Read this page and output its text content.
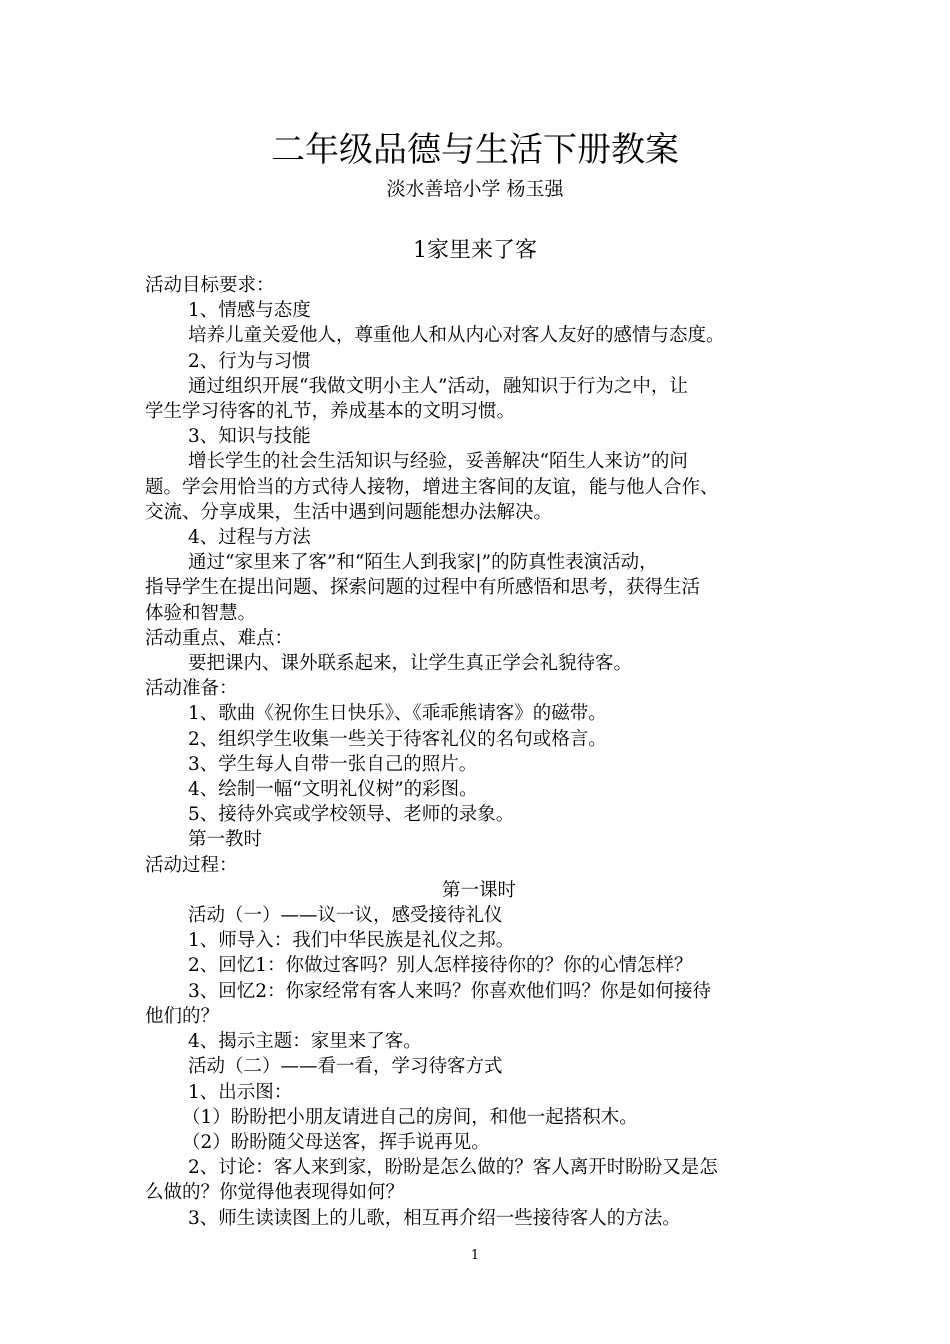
二年级品德与生活下册教案
淡水善培小学 杨玉强
1家里来了客

活动目标要求：

1、情感与态度

培养儿童关爱他人，尊重他人和从内心对客人友好的感情与态度。

2、行为与习惯

通过组织开展“我做文明小主人”活动，融知识于行为之中，让

学生学习待客的礼节，养成基本的文明习惯。

3、知识与技能

增长学生的社会生活知识与经验，妥善解决“陌生人来访”的问

题。学会用恰当的方式待人接物，增进主客间的友谊，能与他人合作、

交流、分享成果，生活中遇到问题能想办法解决。

4、过程与方法

通过“家里来了客”和“陌生人到我家|”的防真性表演活动，

指导学生在提出问题、探索问题的过程中有所感悟和思考，获得生活

体验和智慧。

活动重点、难点：

要把课内、课外联系起来，让学生真正学会礼貌待客。

活动准备：

1、歌曲《祝你生日快乐》、《乖乖熊请客》的磁带。

2、组织学生收集一些关于待客礼仪的名句或格言。

3、学生每人自带一张自己的照片。

4、绘制一幅“文明礼仪树”的彩图。

5、接待外宾或学校领导、老师的录象。

第一教时

活动过程：

第一课时

活动（一）——议一议，感受接待礼仪

1、师导入：我们中华民族是礼仪之邦。

2、回忆1：你做过客吗？别人怎样接待你的？你的心情怎样？

3、回忆2：你家经常有客人来吗？你喜欢他们吗？你是如何接待

他们的？

4、揭示主题：家里来了客。

活动（二）——看一看，学习待客方式

1、出示图：

（1）盼盼把小朋友请进自己的房间，和他一起搭积木。

（2）盼盼随父母送客，挥手说再见。

2、讨论：客人来到家，盼盼是怎么做的？客人离开时盼盼又是怎

么做的？你觉得他表现得如何？

3、师生读读图上的儿歌，相互再介绍一些接待客人的方法。

1
